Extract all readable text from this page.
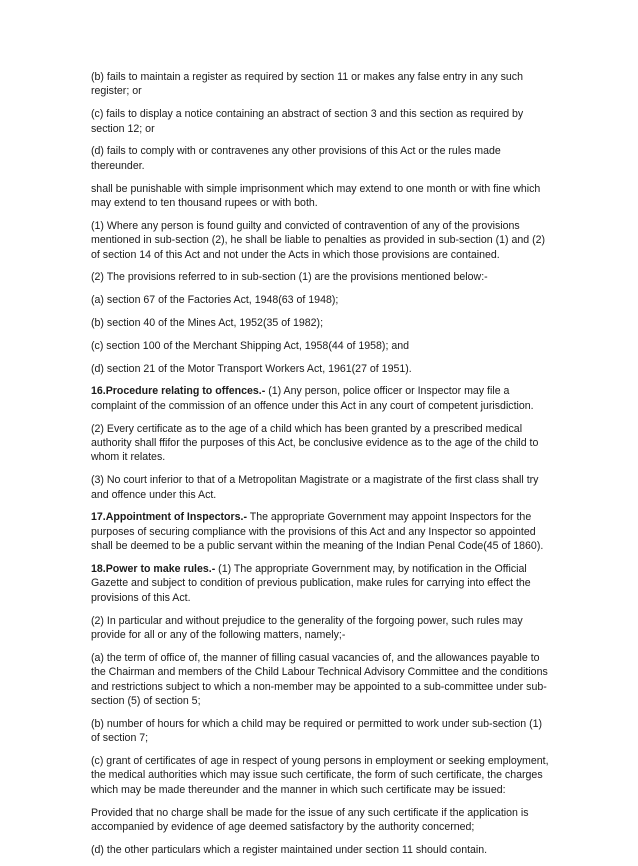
(b) fails to maintain a register as required by section 11 or makes any false entry in any such register; or

(c) fails to display a notice containing an abstract of section 3 and this section as required by section 12; or

(d) fails to comply with or contravenes any other provisions of this Act or the rules made thereunder.

shall be punishable with simple imprisonment which may extend to one month or with fine which may extend to ten thousand rupees or with both.

(1) Where any person is found guilty and convicted of contravention of any of the provisions mentioned in sub-section (2), he shall be liable to penalties as provided in sub-section (1) and (2) of section 14 of this Act and not under the Acts in which those provisions are contained.

(2) The provisions referred to in sub-section (1) are the provisions mentioned below:-

(a) section 67 of the Factories Act, 1948(63 of 1948);

(b) section 40 of the Mines Act, 1952(35 of 1982);

(c) section 100 of the Merchant Shipping Act, 1958(44 of 1958); and

(d) section 21 of the Motor Transport Workers Act, 1961(27 of 1951).

16.Procedure relating to offences.- (1) Any person, police officer or Inspector may file a complaint of the commission of an offence under this Act in any court of competent jurisdiction.

(2) Every certificate as to the age of a child which has been granted by a prescribed medical authority shall ffifor the purposes of this Act, be conclusive evidence as to the age of the child to whom it relates.

(3) No court inferior to that of a Metropolitan Magistrate or a magistrate of the first class shall try and offence under this Act.

17.Appointment of Inspectors.- The appropriate Government may appoint Inspectors for the purposes of securing compliance with the provisions of this Act and any Inspector so appointed shall be deemed to be a public servant within the meaning of the Indian Penal Code(45 of 1860).

18.Power to make rules.- (1) The appropriate Government may, by notification in the Official Gazette and subject to condition of previous publication, make rules for carrying into effect the provisions of this Act.

(2) In particular and without prejudice to the generality of the forgoing power, such rules may provide for all or any of the following matters, namely;-

(a) the term of office of, the manner of filling casual vacancies of, and the allowances payable to the Chairman and members of the Child Labour Technical Advisory Committee and the conditions and restrictions subject to which a non-member may be appointed to a sub-committee under sub-section (5) of section 5;

(b) number of hours for which a child may be required or permitted to work under sub-section (1) of section 7;

(c) grant of certificates of age in respect of young persons in employment or seeking employment, the medical authorities which may issue such certificate, the form of such certificate, the charges which may be made thereunder and the manner in which such certificate may be issued:

Provided that no charge shall be made for the issue of any such certificate if the application is accompanied by evidence of age deemed satisfactory by the authority concerned;

(d) the other particulars which a register maintained under section 11 should contain.
